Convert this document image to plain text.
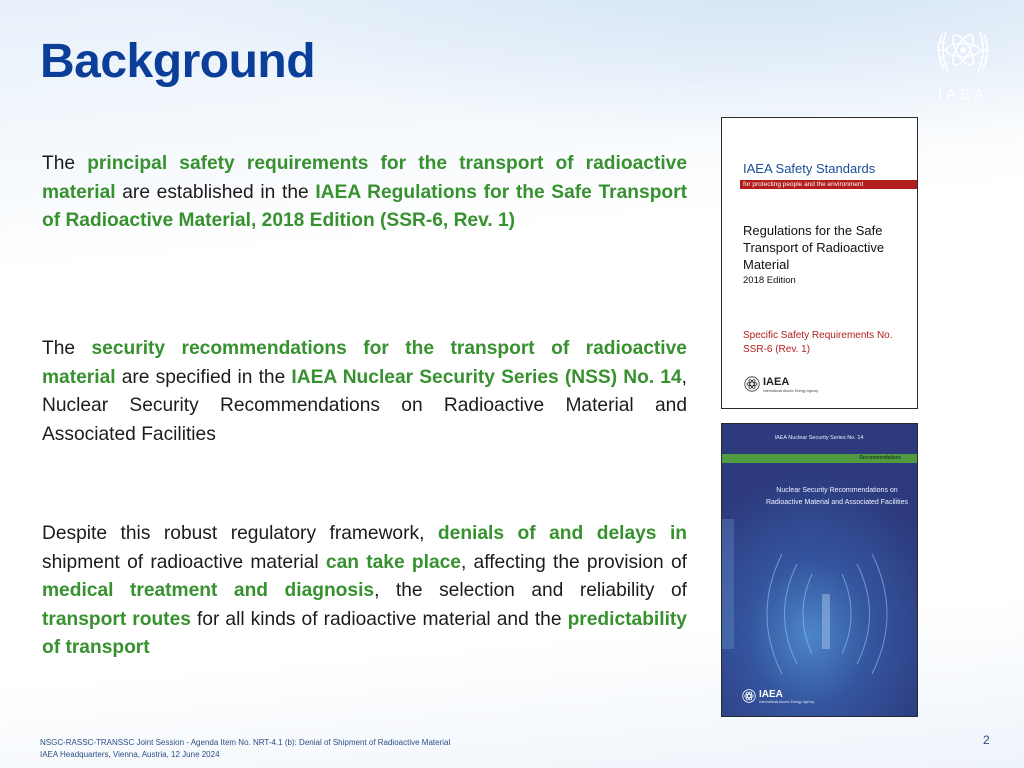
Background
IAEA

The principal safety requirements for the transport of radioactive material are established in the IAEA Regulations for the Safe Transport of Radioactive Material, 2018 Edition (SSR-6, Rev. 1)

The security recommendations for the transport of radioactive material are specified in the IAEA Nuclear Security Series (NSS) No. 14, Nuclear Security Recommendations on Radioactive Material and Associated Facilities

Despite this robust regulatory framework, denials of and delays in shipment of radioactive material can take place, affecting the provision of medical treatment and diagnosis, the selection and reliability of transport routes for all kinds of radioactive material and the predictability of transport

IAEA Safety Standards
for protecting people and the environment
Regulations for the Safe Transport of Radioactive Material
2018 Edition
Specific Safety Requirements No. SSR-6 (Rev. 1)
IAEA
International Atomic Energy Agency
IAEA Nuclear Security Series No. 14
Recommendations
Nuclear Security Recommendations on Radioactive Material and Associated Facilities
IAEA
International Atomic Energy Agency
NSGC-RASSC-TRANSSC Joint Session - Agenda Item No. NRT-4.1 (b): Denial of Shipment of Radioactive Material
IAEA Headquarters, Vienna, Austria, 12 June 2024
2
